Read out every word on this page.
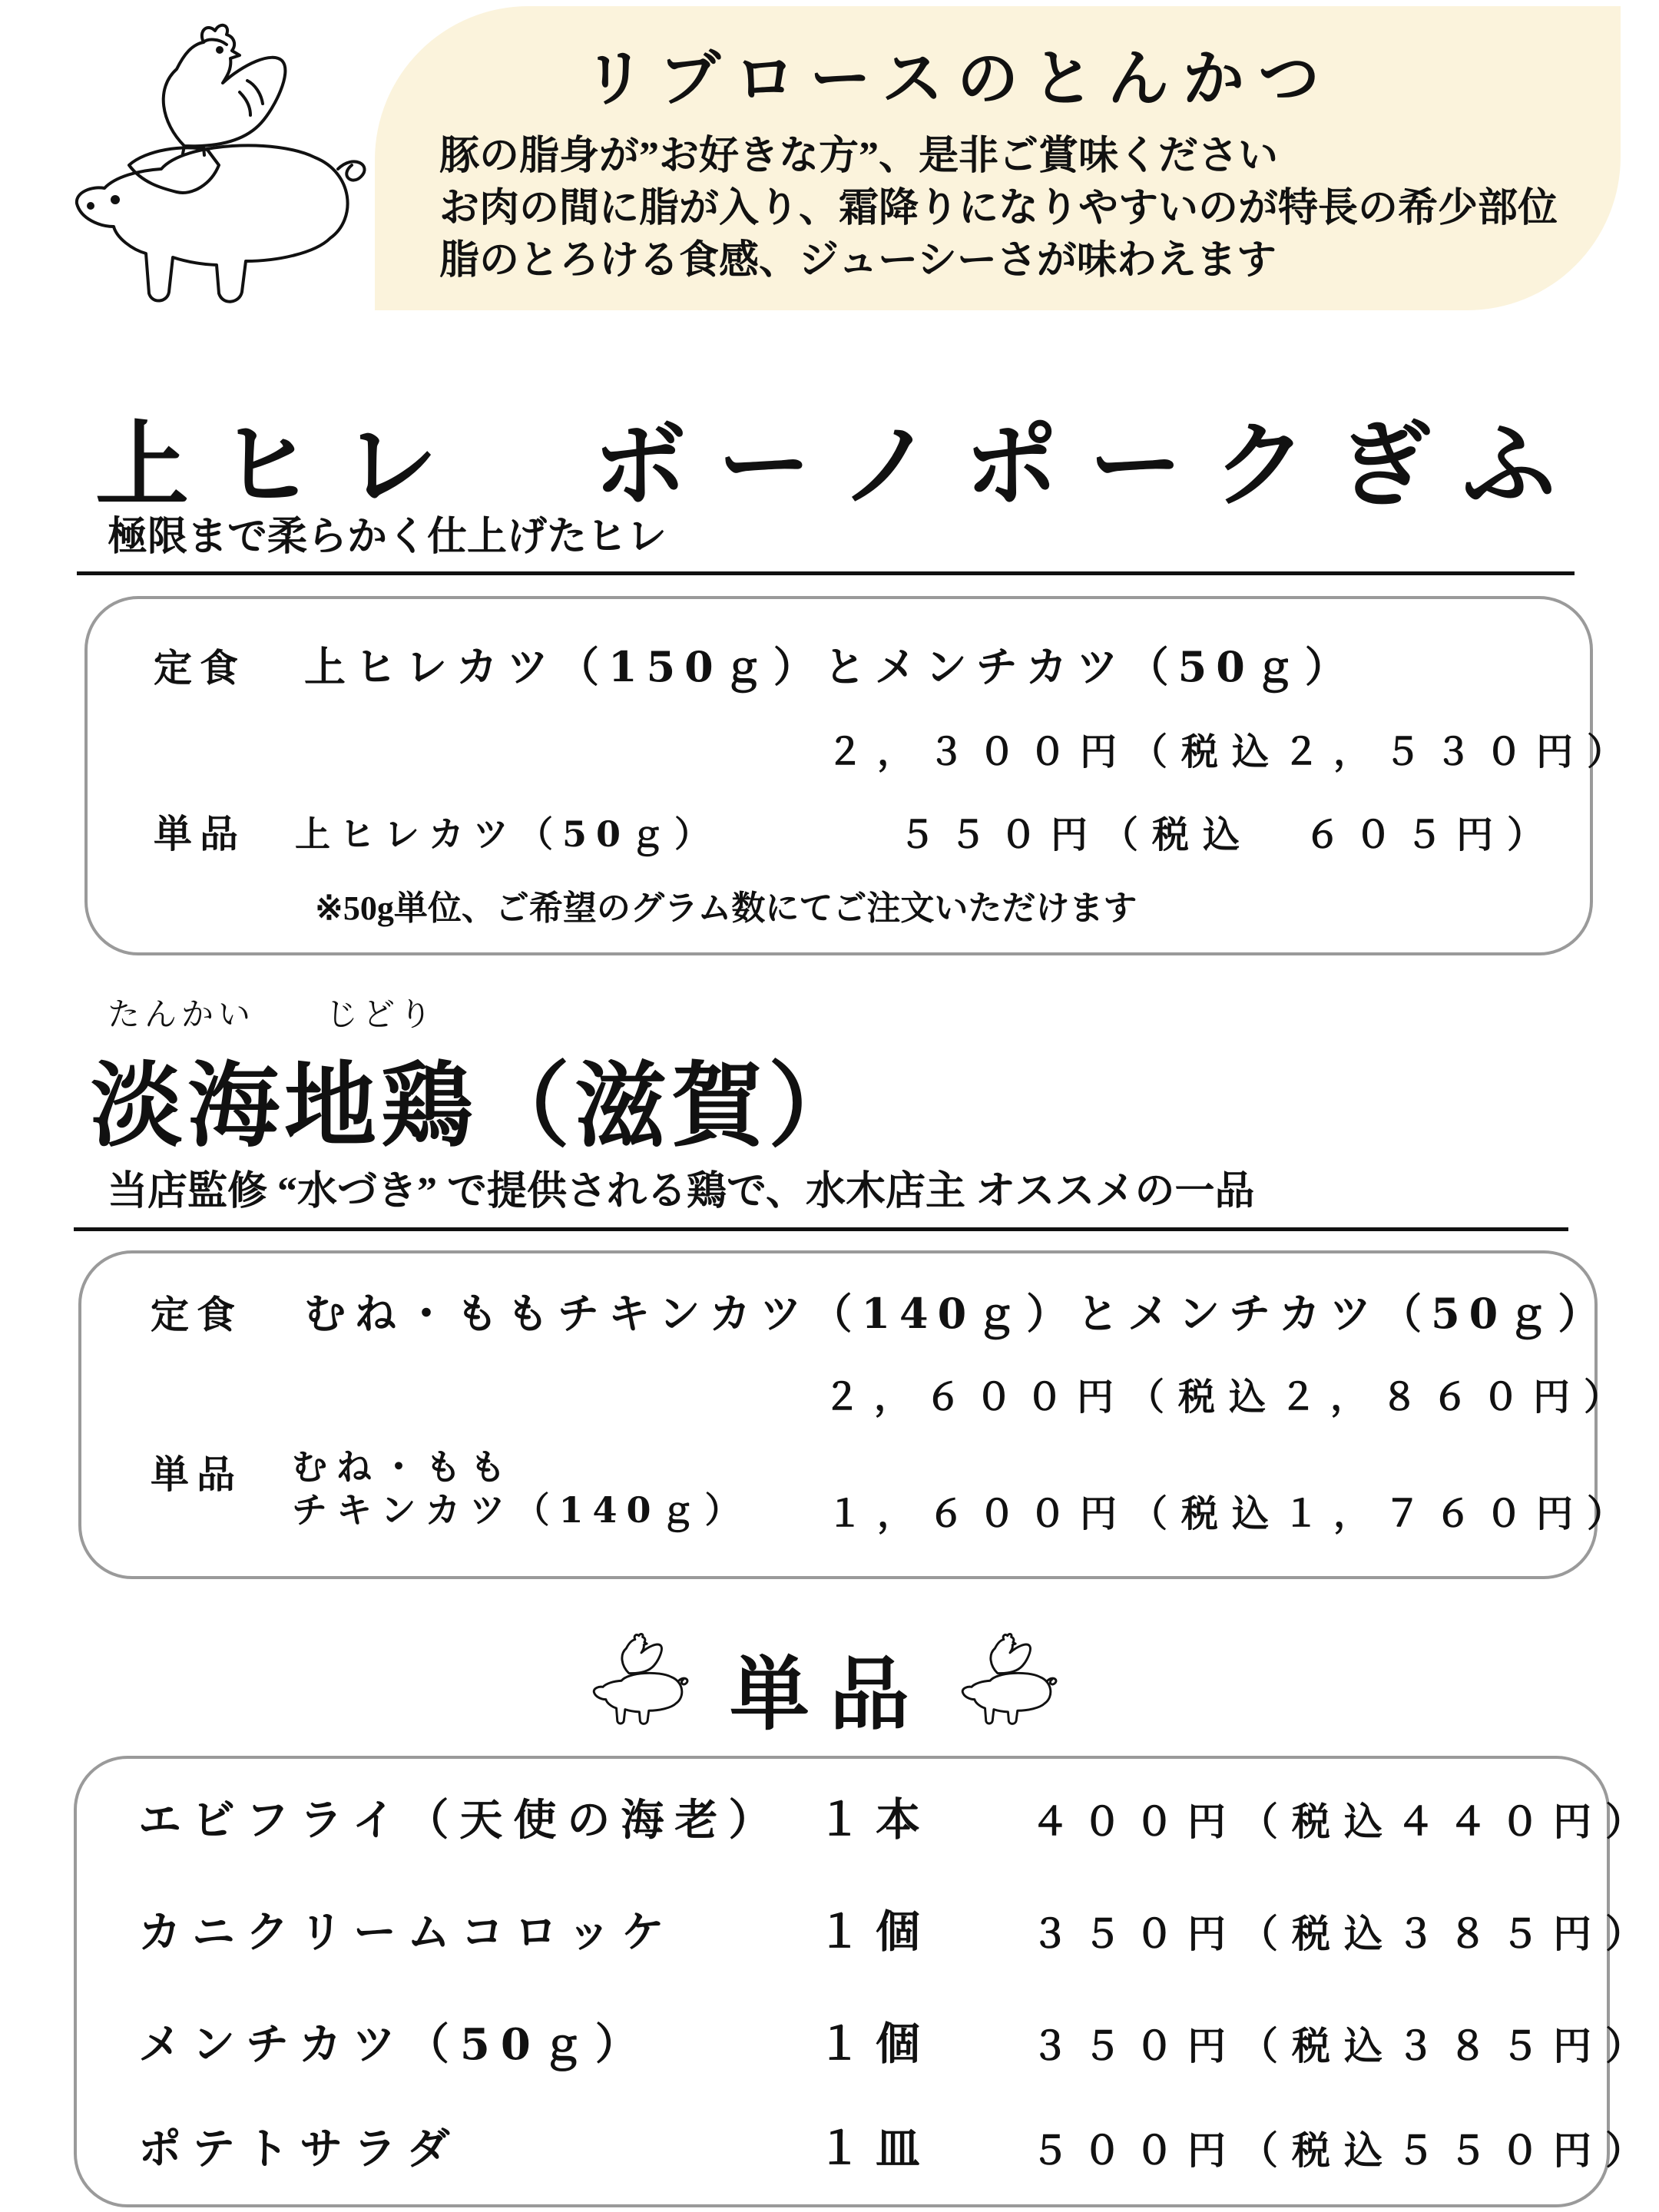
リブロースのとんかつ
豚の脂身が”お好きな方”、是非ご賞味ください
お肉の間に脂が入り、霜降りになりやすいのが特長の希少部位
脂のとろける食感、ジューシーさが味わえます
上ヒレ　ボーノポークぎふ
極限まで柔らかく仕上げたヒレ
定食 上ヒレカツ（150ｇ）とメンチカツ（50ｇ）
２，３００円（税込２，５３０円）
単品 上ヒレカツ（50ｇ）	５５０円（税込　６０５円）
※50g単位、ご希望のグラム数にてご注文いただけます
たんかい じどり
淡海地鶏（滋賀）
当店監修 “水づき” で提供される鶏で、水木店主 オススメの一品
定食 むね・ももチキンカツ（140ｇ）とメンチカツ（50ｇ）
２，６００円（税込２，８６０円）
単品 むね・もも
チキンカツ（140ｇ） １，６００円（税込１，７６０円）
単品
エビフライ（天使の海老） １本	４００円（税込４４０円）
カニクリームコロッケ	１個	３５０円（税込３８５円）
メンチカツ（50ｇ）	１個	３５０円（税込３８５円）
ポテトサラダ	１皿	５００円（税込５５０円）
